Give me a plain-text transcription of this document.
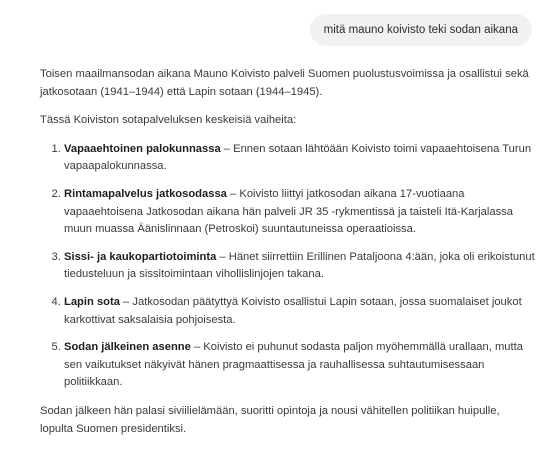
mitä mauno koivisto teki sodan aikana

Toisen maailmansodan aikana Mauno Koivisto palveli Suomen puolustusvoimissa ja osallistui sekä jatkosotaan (1941–1944) että Lapin sotaan (1944–1945).

Tässä Koiviston sotapalveluksen keskeisiä vaiheita:

1. Vapaaehtoinen palokunnassa – Ennen sotaan lähtöään Koivisto toimi vapaaehtoisena Turun vapaapalokunnassa.
2. Rintamapalvelus jatkosodassa – Koivisto liittyi jatkosodan aikana 17-vuotiaana vapaaehtoisena Jatkosodan aikana hän palveli JR 35 -rykmentissä ja taisteli Itä-Karjalassa muun muassa Äänislinnaan (Petroskoi) suuntautuneissa operaatioissa.
3. Sissi- ja kaukopartiotoiminta – Hänet siirrettiin Erillinen Pataljoona 4:ään, joka oli erikoistunut tiedusteluun ja sissitoimintaan vihollislinjojen takana.
4. Lapin sota – Jatkosodan päätyttyä Koivisto osallistui Lapin sotaan, jossa suomalaiset joukot karkottivat saksalaisia pohjoisesta.
5. Sodan jälkeinen asenne – Koivisto ei puhunut sodasta paljon myöhemmällä urallaan, mutta sen vaikutukset näkyivät hänen pragmaattisessa ja rauhallisessa suhtautumisessaan politiikkaan.

Sodan jälkeen hän palasi siviilielämään, suoritti opintoja ja nousi vähitellen politiikan huipulle, lopulta Suomen presidentiksi.
